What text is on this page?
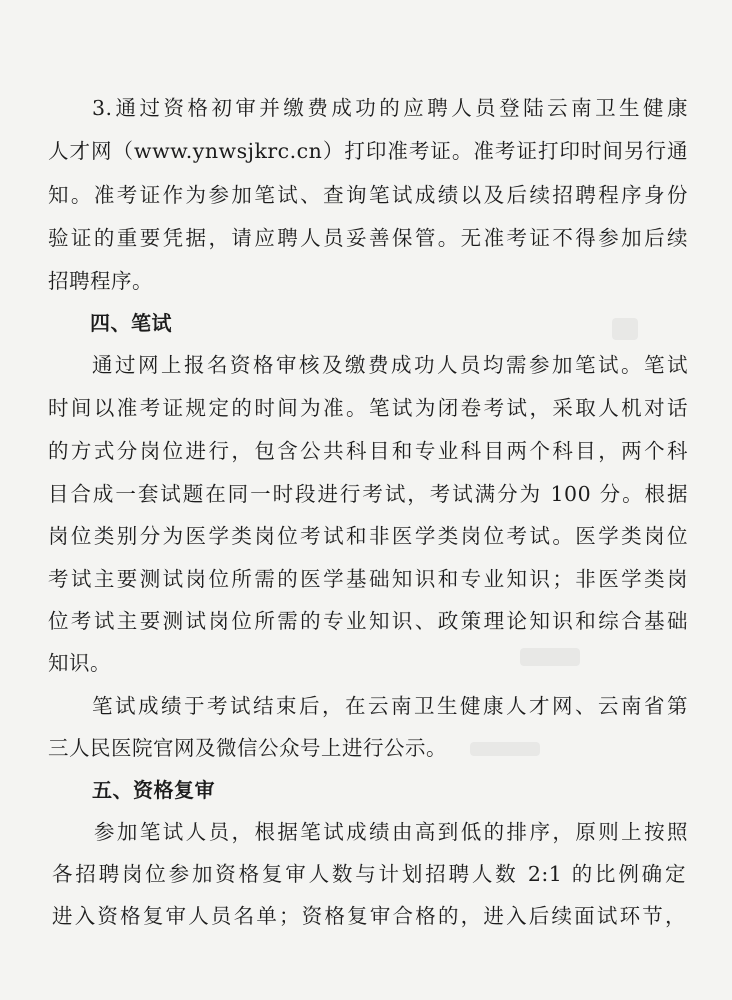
3.通过资格初审并缴费成功的应聘人员登陆云南卫生健康
人才网（www.ynwsjkrc.cn）打印准考证。准考证打印时间另行通
知。准考证作为参加笔试、查询笔试成绩以及后续招聘程序身份
验证的重要凭据，请应聘人员妥善保管。无准考证不得参加后续
招聘程序。
四、笔试
通过网上报名资格审核及缴费成功人员均需参加笔试。笔试
时间以准考证规定的时间为准。笔试为闭卷考试，采取人机对话
的方式分岗位进行，包含公共科目和专业科目两个科目，两个科
目合成一套试题在同一时段进行考试，考试满分为 100 分。根据
岗位类别分为医学类岗位考试和非医学类岗位考试。医学类岗位
考试主要测试岗位所需的医学基础知识和专业知识；非医学类岗
位考试主要测试岗位所需的专业知识、政策理论知识和综合基础
知识。
笔试成绩于考试结束后，在云南卫生健康人才网、云南省第
三人民医院官网及微信公众号上进行公示。
五、资格复审
参加笔试人员，根据笔试成绩由高到低的排序，原则上按照
各招聘岗位参加资格复审人数与计划招聘人数 2:1 的比例确定
进入资格复审人员名单；资格复审合格的，进入后续面试环节，
